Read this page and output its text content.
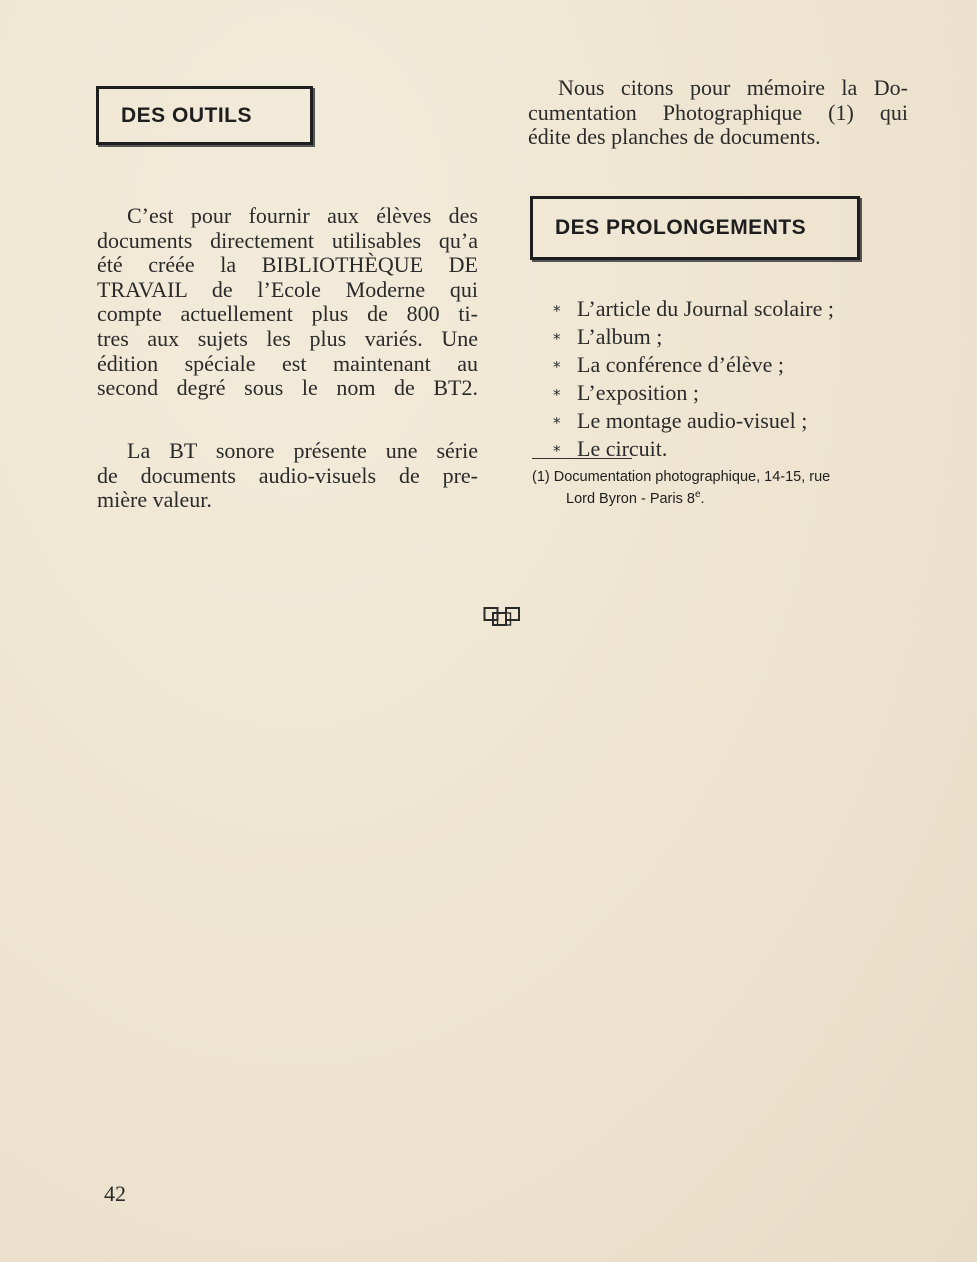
DES OUTILS
C’est pour fournir aux élèves des
documents directement utilisables qu’a
été créée la BIBLIOTHÈQUE DE
TRAVAIL de l’Ecole Moderne qui
compte actuellement plus de 800 ti-
tres aux sujets les plus variés. Une
édition spéciale est maintenant au
second degré sous le nom de BT2.
La BT sonore présente une série
de documents audio-visuels de pre-
mière valeur.
Nous citons pour mémoire la Do-
cumentation Photographique (1) qui
édite des planches de documents.
DES PROLONGEMENTS
* L’article du Journal scolaire ;
* L’album ;
* La conférence d’élève ;
* L’exposition ;
* Le montage audio-visuel ;
* Le circuit.
(1) Documentation photographique, 14-15, rue
Lord Byron - Paris 8e.
42
